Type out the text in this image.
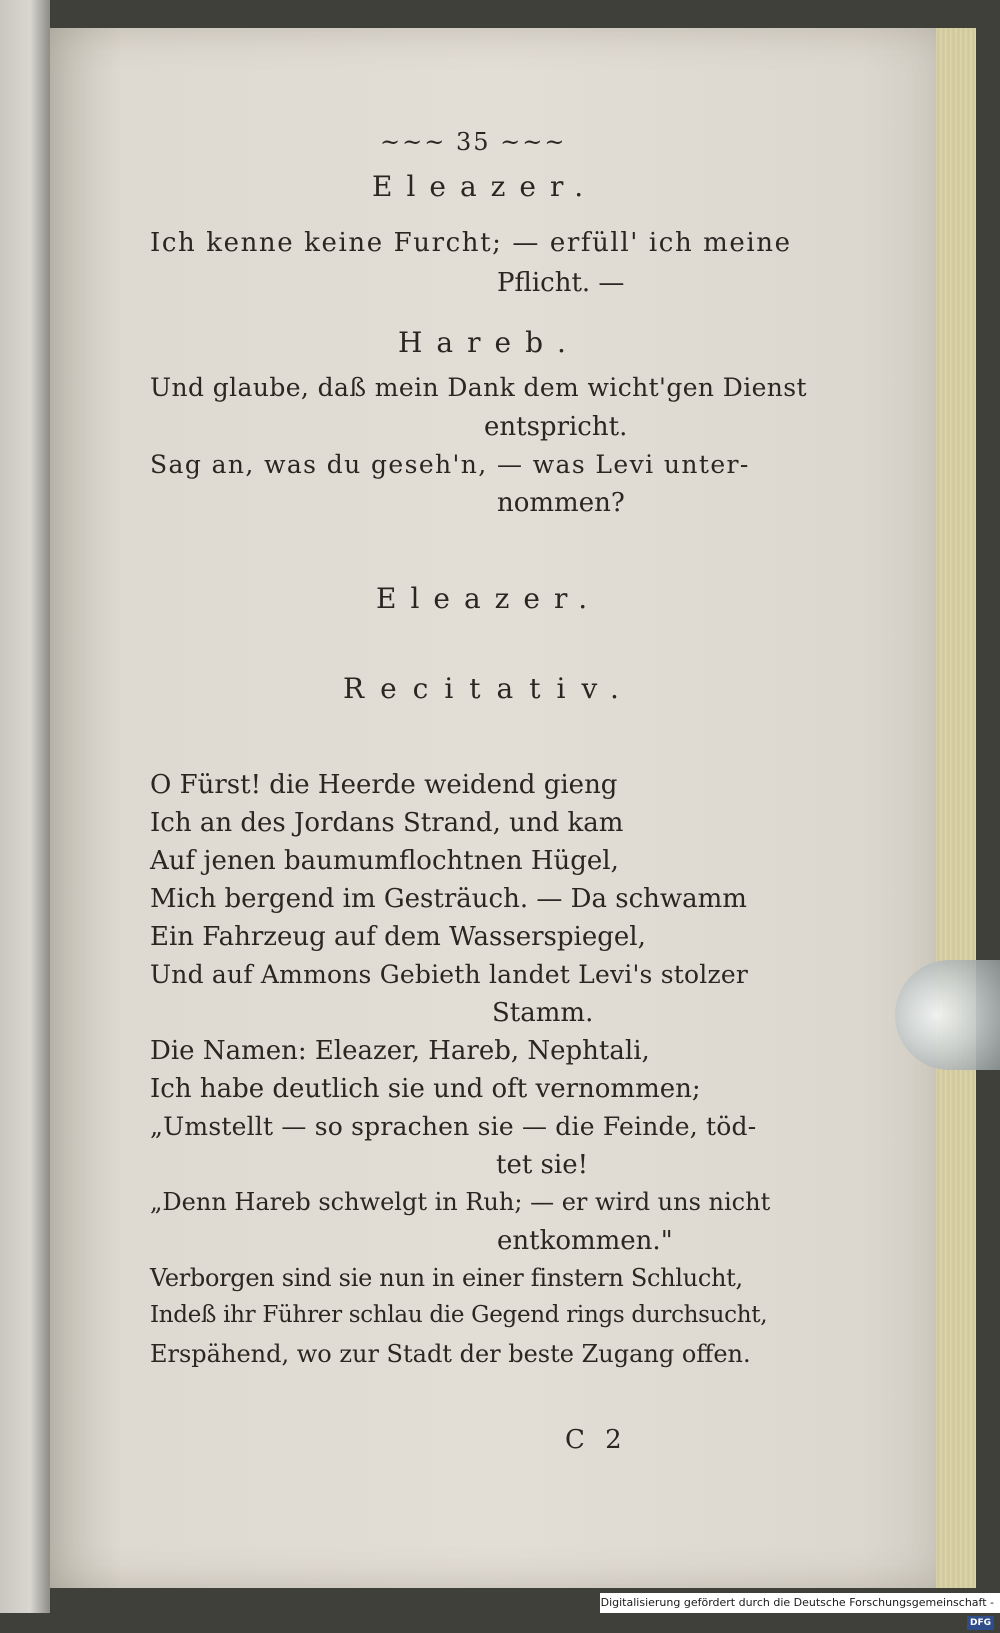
~~~ 35 ~~~
Eleazer.
Ich kenne keine Furcht; — erfüll' ich meine
Pflicht. —
Hareb.
Und glaube, daß mein Dank dem wicht'gen Dienst
entspricht.
Sag an, was du geseh'n, — was Levi unter-
nommen?
Eleazer.
Recitativ.
O Fürst! die Heerde weidend gieng
Ich an des Jordans Strand, und kam
Auf jenen baumumflochtnen Hügel,
Mich bergend im Gesträuch. — Da schwamm
Ein Fahrzeug auf dem Wasserspiegel,
Und auf Ammons Gebieth landet Levi's stolzer
Stamm.
Die Namen: Eleazer, Hareb, Nephtali,
Ich habe deutlich sie und oft vernommen;
„Umstellt — so sprachen sie — die Feinde, töd-
tet sie!
„Denn Hareb schwelgt in Ruh; — er wird uns nicht
entkommen."
Verborgen sind sie nun in einer finstern Schlucht,
Indeß ihr Führer schlau die Gegend rings durchsucht,
Erspähend, wo zur Stadt der beste Zugang offen.
C 2
Digitalisierung gefördert durch die Deutsche Forschungsgemeinschaft -DFG
